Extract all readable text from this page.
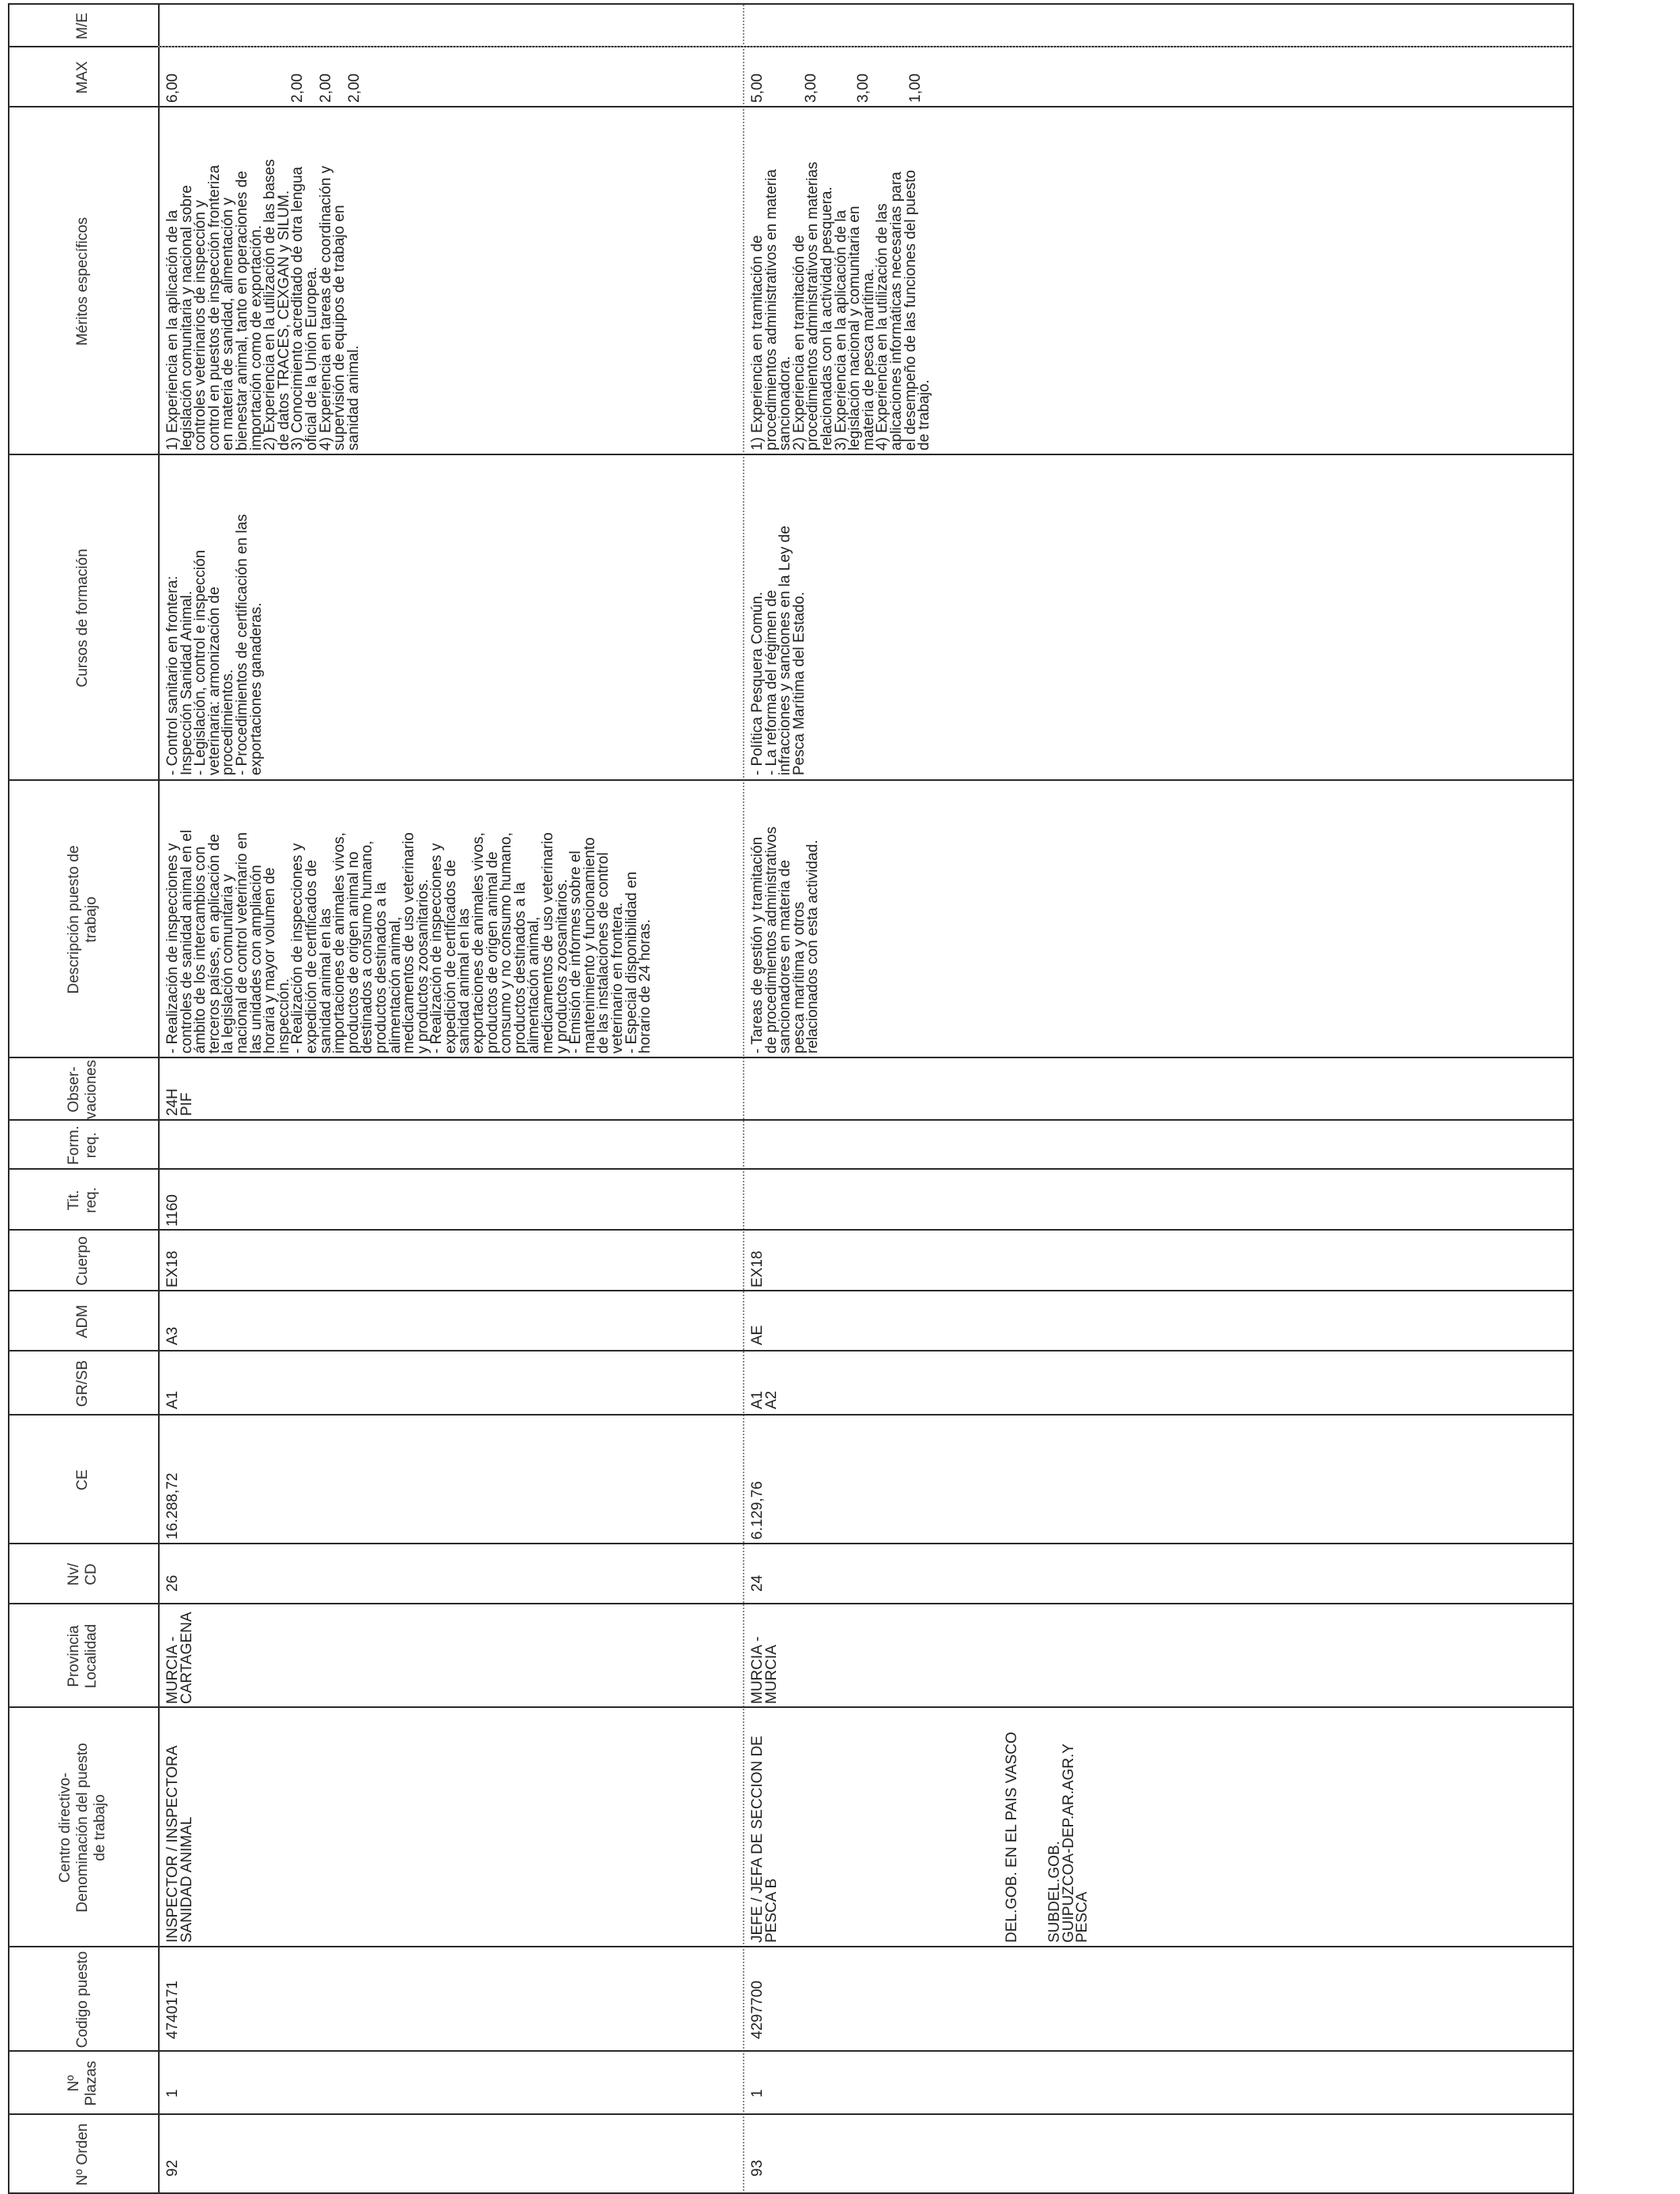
Nº Orden
Nº Plazas
Codigo puesto
Centro directivo-
Denominación del puesto
de trabajo
Provincia
Localidad
Nv/
CD
CE
GR/SB
ADM
Cuerpo
Tit.
req.
Form.
req.
Obser-
vaciones
Descripción puesto de
trabajo
Cursos de formación
Méritos específicos
MAX
M/E
92
1
4740171
INSPECTOR / INSPECTORA
SANIDAD ANIMAL
MURCIA -
CARTAGENA
26
16.288,72
A1
A3
EX18
1160
24H
PIF
- Realización de inspecciones y
controles de sanidad animal en el
ámbito de los intercambios con
terceros países, en aplicación de
la legislación comunitaria y
nacional de control veterinario en
las unidades con ampliación
horaria y mayor volumen de
inspección.
- Realización de inspecciones y
expedición de certificados de
sanidad animal en las
importaciones de animales vivos,
productos de origen animal no
destinados a consumo humano,
productos destinados a la
alimentación animal,
medicamentos de uso veterinario
y productos zoosanitarios.
- Realización de inspecciones y
expedición de certificados de
sanidad animal en las
exportaciones de animales vivos,
productos de origen animal de
consumo y no consumo humano,
productos destinados a la
alimentación animal,
medicamentos de uso veterinario
y productos zoosanitarios.
- Emisión de informes sobre el
mantenimiento y funcionamiento
de las instalaciones de control
veterinario en frontera.
- Especial disponibilidad en
horario de 24 horas.
- Control sanitario en frontera:
Inspección Sanidad Animal.
- Legislación, control e inspección
veterinaria: armonización de
procedimientos.
- Procedimientos de certificación en las
exportaciones ganaderas.
1) Experiencia en la aplicación de la
legislación comunitaria y nacional sobre
controles veterinarios de inspección y
control en puestos de inspección fronteriza
en materia de sanidad, alimentación y
bienestar animal, tanto en operaciones de
importación como de exportación.
2) Experiencia en la utilización de las bases
de datos TRACES, CEXGAN y SILUM.
3) Conocimiento acreditado de otra lengua
oficial de la Unión Europea.
4) Experiencia en tareas de coordinación y
supervisión de equipos de trabajo en
sanidad animal.
6,00	2,00 2,00 2,00
93
1
4297700
JEFE / JEFA DE SECCION DE
PESCA B
MURCIA -
MURCIA
24
6.129,76
A1
A2
AE
EX18
- Tareas de gestión y tramitación
de procedimientos administrativos
sancionadores en materia de
pesca marítima y otros
relacionados con esta actividad.
- Política Pesquera Común.
- La reforma del régimen de
infracciones y sanciones en la Ley de
Pesca Marítima del Estado.
1) Experiencia en tramitación de
procedimientos administrativos en materia
sancionadora.
2) Experiencia en tramitación de
procedimientos administrativos en materias
relacionadas con la actividad pesquera.
3) Experiencia en la aplicación de la
legislación nacional y comunitaria en
materia de pesca marítima.
4) Experiencia en la utilización de las
aplicaciones informáticas necesarias para
el desempeño de las funciones del puesto
de trabajo.
5,00 3,00 3,00 1,00
DEL.GOB. EN EL PAIS VASCO SUBDEL.GOB.
GUIPUZCOA-DEP.AR.AGR.Y
PESCA
